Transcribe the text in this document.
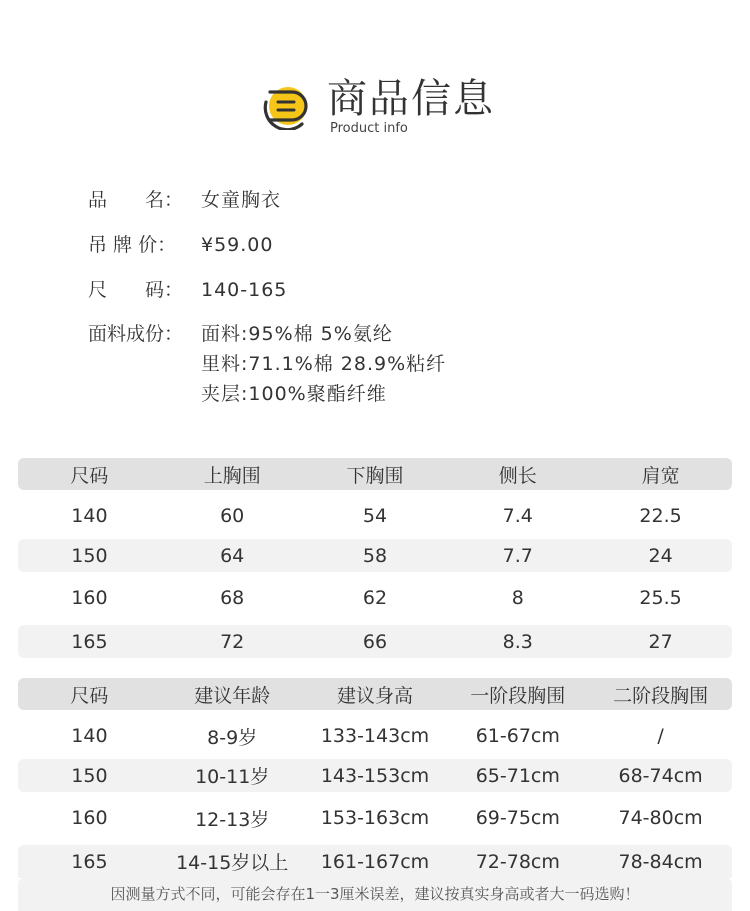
商品信息
Product info
品　　名： 女童胸衣
吊 牌 价：	¥59.00
尺　　码： 140-165
面料成份： 面料:95%棉 5%氨纶
里料:71.1%棉 28.9%粘纤
夹层:100%聚酯纤维
尺码	上胸围	下胸围	侧长	肩宽
140	60	54	7.4	22.5
150	64	58	7.7	24
160	68	62	8	25.5
165	72	66	8.3	27
尺码	建议年龄	建议身高	一阶段胸围	二阶段胸围
140	8-9岁	133-143cm	61-67cm	/
150	10-11岁	143-153cm	65-71cm	68-74cm
160	12-13岁	153-163cm	69-75cm	74-80cm
165	14-15岁以上	161-167cm	72-78cm	78-84cm
因测量方式不同，可能会存在1一3厘米误差，建议按真实身高或者大一码选购！
